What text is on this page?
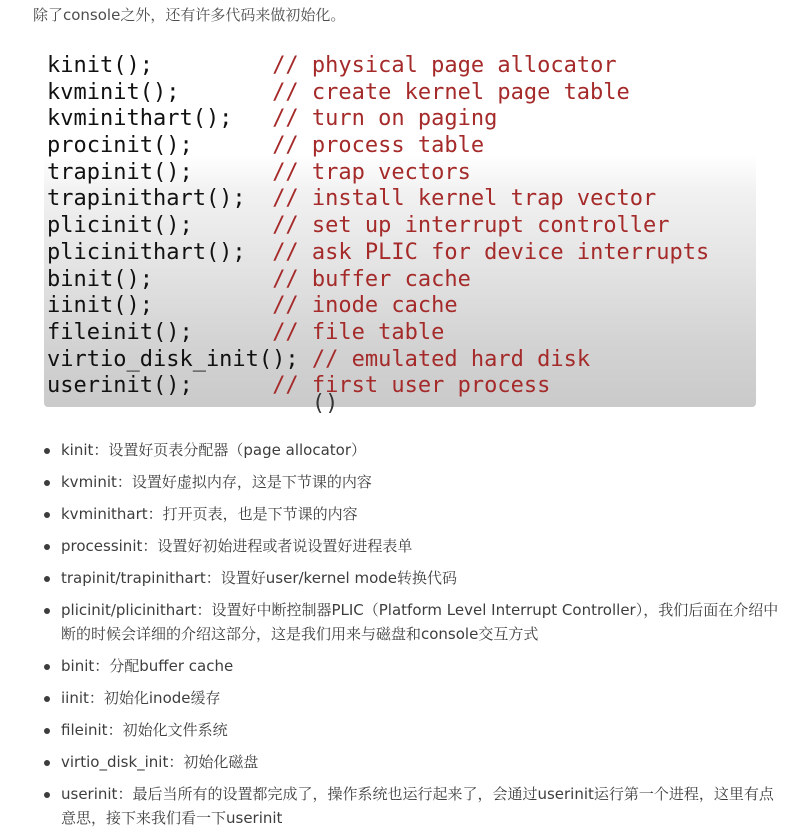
除了console之外，还有许多代码来做初始化。
kinit();	// physical page allocator
kvminit();	// create kernel page table
kvminithart(); // turn on paging
procinit();	// process table
trapinit();	// trap vectors
trapinithart(); // install kernel trap vector
plicinit();	// set up interrupt controller
plicinithart(); // ask PLIC for device interrupts
binit();	// buffer cache
iinit();	// inode cache
fileinit();	// file table
virtio_disk_init(); // emulated hard disk
userinit();	// first user process
()
kinit：设置好页表分配器（page allocator）
kvminit：设置好虚拟内存，这是下节课的内容
kvminithart：打开页表，也是下节课的内容
processinit：设置好初始进程或者说设置好进程表单
trapinit/trapinithart：设置好user/kernel mode转换代码
plicinit/plicinithart：设置好中断控制器PLIC（Platform Level Interrupt Controller），我们后面在介绍中断的时候会详细的介绍这部分，这是我们用来与磁盘和console交互方式
binit：分配buffer cache
iinit：初始化inode缓存
fileinit：初始化文件系统
virtio_disk_init：初始化磁盘
userinit：最后当所有的设置都完成了，操作系统也运行起来了，会通过userinit运行第一个进程，这里有点意思，接下来我们看一下userinit
